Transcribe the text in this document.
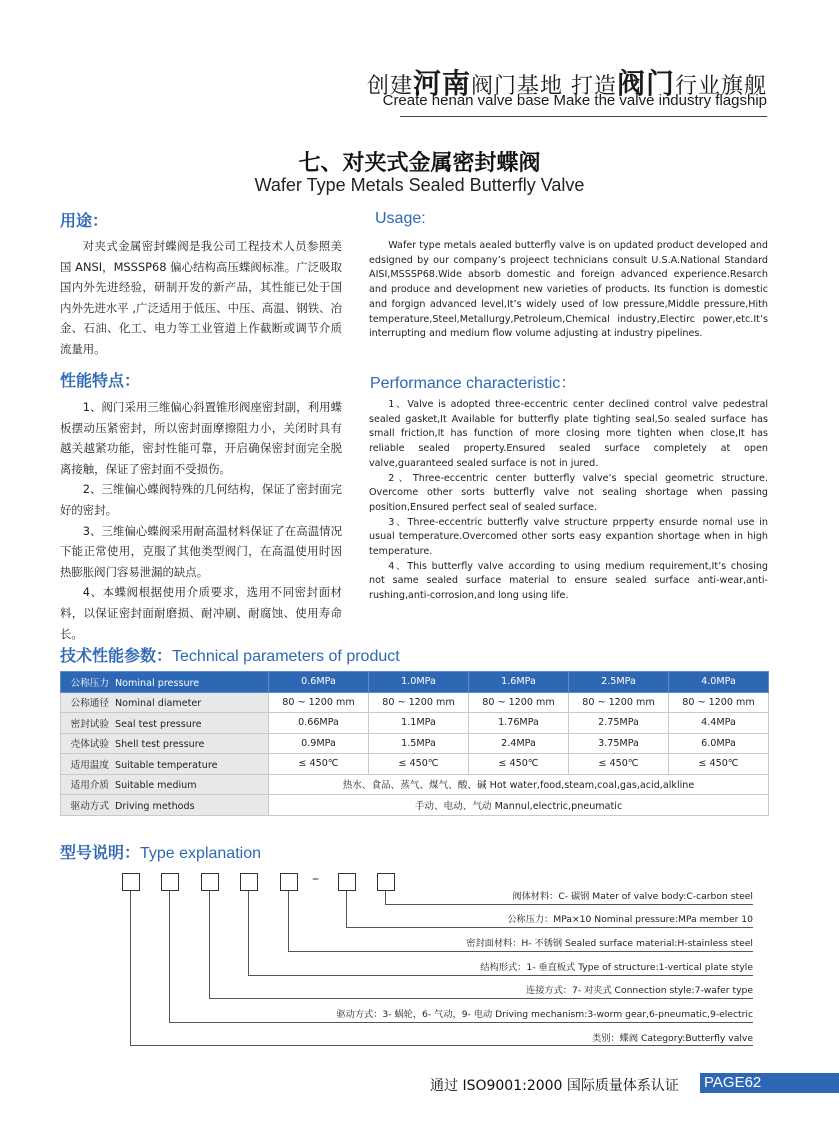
创建河南阀门基地 打造阀门行业旗舰
Create henan valve base Make the valve industry flagship
七、对夹式金属密封蝶阀
Wafer Type Metals Sealed Butterfly Valve
用途：

对夹式金属密封蝶阀是我公司工程技术人员参照美国 ANSI，MSSSP68 偏心结构高压蝶阀标准。广泛吸取国内外先进经验，研制开发的新产品，其性能已处于国内外先进水平 ,广泛适用于低压、中压、高温、钢铁、冶金、石油、化工、电力等工业管道上作截断或调节介质流量用。

Usage:

Wafer type metals aealed butterfly valve is on updated product developed and edsigned by our company’s projeect technicians consult U.S.A.National Standard AISI,MSSSP68.Wide absorb domestic and foreign advanced experience.Resarch and produce and development new varieties of products. Its function is domestic and forgign advanced level,It’s widely used of low pressure,Middle pressure,Hith temperature,Steel,Metallurgy,Petroleum,Chemical industry,Electirc power,etc.It’s interrupting and medium flow volume adjusting at industry pipelines.

性能特点：

1、阀门采用三维偏心斜置锥形阀座密封副，利用蝶板摆动压紧密封，所以密封面摩擦阻力小，关闭时具有越关越紧功能，密封性能可靠，开启确保密封面完全脱离接触，保证了密封面不受损伤。

2、三维偏心蝶阀特殊的几何结构，保证了密封面完好的密封。

3、三维偏心蝶阀采用耐高温材料保证了在高温情况下能正常使用，克服了其他类型阀门，在高温使用时因热膨胀阀门容易泄漏的缺点。

4、本蝶阀根据使用介质要求，选用不同密封面材料，以保证密封面耐磨损、耐冲刷、耐腐蚀、使用寿命长。

Performance characteristic：

1、Valve is adopted three-eccentric center declined control valve pedestral sealed gasket,It Available for butterfly plate tighting seal,So sealed surface has small friction,It has function of more closing more tighten when close,It has reliable sealed property.Ensured sealed surface completely at open valve,guaranteed sealed surface is not in jured.

2、Three-eccentric center butterfly valve’s special geometric structure. Overcome other sorts butterfly valve not sealing shortage when passing position,Ensured perfect seal of sealed surface.

3、Three-eccentric butterfly valve structure prpperty ensurde nomal use in usual temperature.Overcomed other sorts easy expantion shortage when in high temperature.

4、This butterfly valve according to using medium requirement,It’s chosing not same sealed surface material to ensure sealed surface anti-wear,anti-rushing,anti-corrosion,and long using life.

技术性能参数：Technical parameters of product
公称压力 Nominal pressure	0.6MPa	1.0MPa	1.6MPa	2.5MPa	4.0MPa
公称通径 Nominal diameter	80 ~ 1200 mm	80 ~ 1200 mm	80 ~ 1200 mm	80 ~ 1200 mm	80 ~ 1200 mm
密封试验 Seal test pressure	0.66MPa	1.1MPa	1.76MPa	2.75MPa	4.4MPa
壳体试验 Shell test pressure	0.9MPa	1.5MPa	2.4MPa	3.75MPa	6.0MPa
适用温度 Suitable temperature	≤ 450℃	≤ 450℃	≤ 450℃	≤ 450℃	≤ 450℃
适用介质 Suitable medium	热水、食品、蒸气、煤气、酸、碱 Hot water,food,steam,coal,gas,acid,alkline				
驱动方式 Driving methods	手动、电动、气动 Mannul,electric,pneumatic				
型号说明：Type explanation
–
阀体材料：C- 碳钢 Mater of valve body:C-carbon steel
公称压力：MPa×10 Nominal pressure:MPa member 10
密封面材料：H- 不锈钢 Sealed surface material:H-stainless steel
结构形式：1- 垂直板式 Type of structure:1-vertical plate style
连接方式：7- 对夹式 Connection style:7-wafer type
驱动方式：3- 蜗轮，6- 气动，9- 电动 Driving mechanism:3-worm gear,6-pneumatic,9-electric
类别：蝶阀 Category:Butterfly valve
通过 ISO9001:2000 国际质量体系认证 PAGE62
